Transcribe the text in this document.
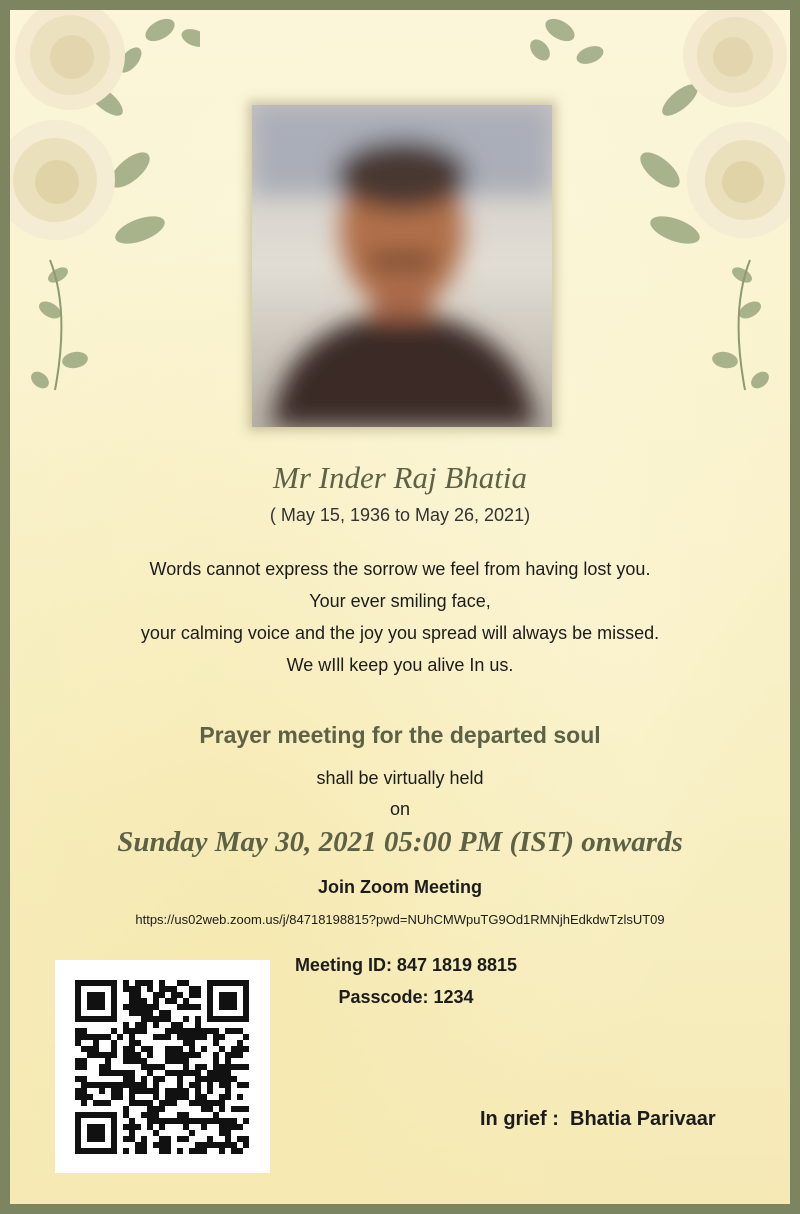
Mr Inder Raj Bhatia
( May 15, 1936 to May 26, 2021)
Words cannot express the sorrow we feel from having lost you.
Your ever smiling face,
your calming voice and the joy you spread will always be missed.
We wIll keep you alive In us.
Prayer meeting for the departed soul
shall be virtually held
on
Sunday May 30, 2021 05:00 PM (IST) onwards
Join Zoom Meeting
https://us02web.zoom.us/j/84718198815?pwd=NUhCMWpuTG9Od1RMNjhEdkdwTzlsUT09
Meeting ID: 847 1819 8815
Passcode: 1234
In grief : Bhatia Parivaar
